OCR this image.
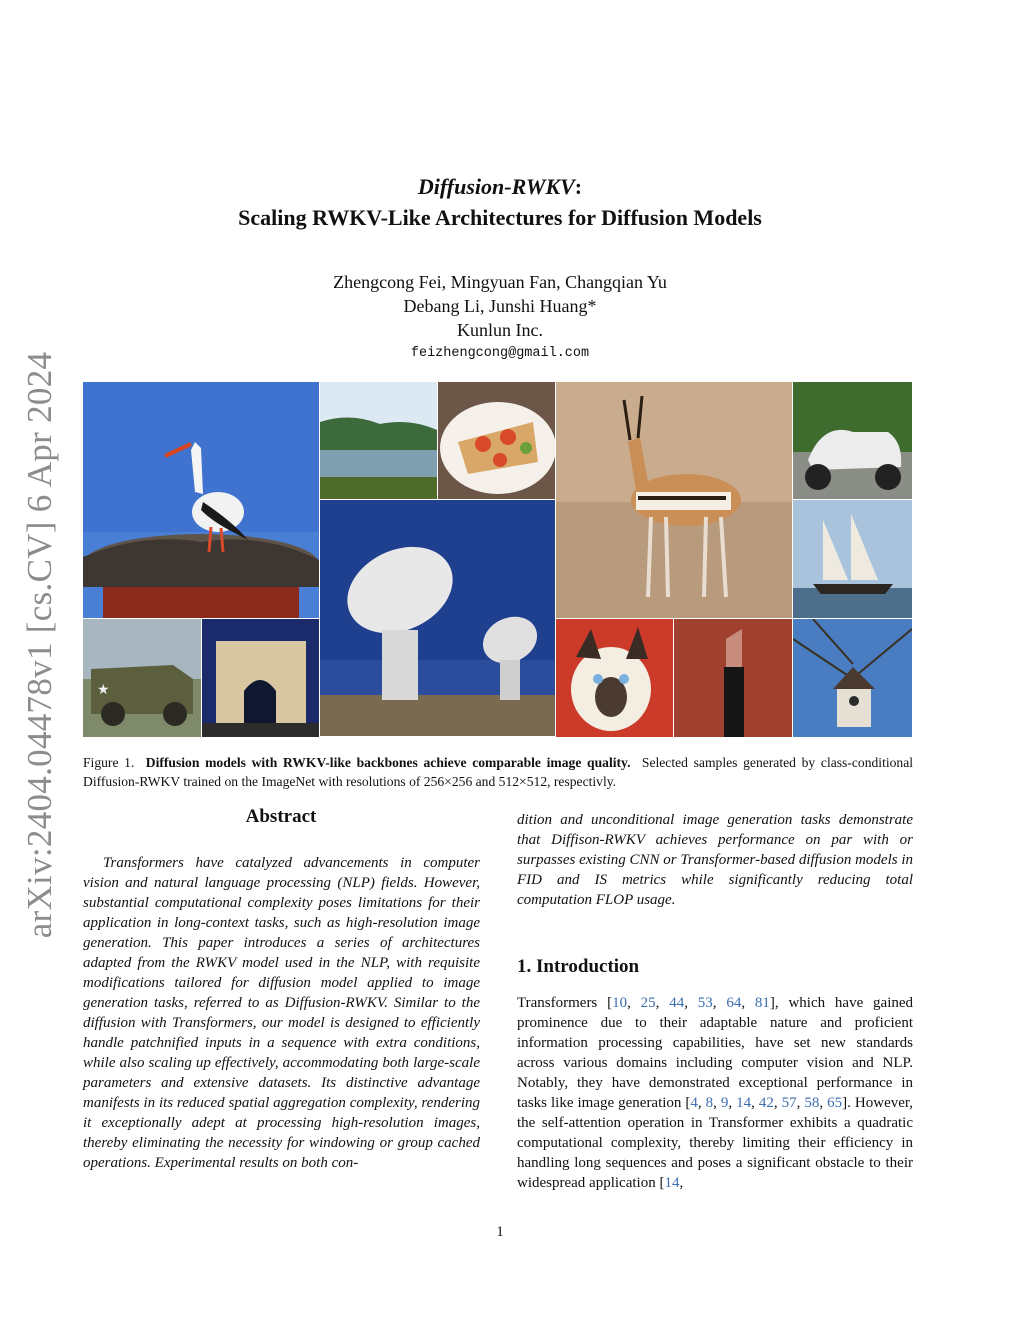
arXiv:2404.04478v1 [cs.CV] 6 Apr 2024
Diffusion-RWKV:
Scaling RWKV-Like Architectures for Diffusion Models
Zhengcong Fei, Mingyuan Fan, Changqian Yu
Debang Li, Junshi Huang*
Kunlun Inc.
feizhengcong@gmail.com
★
Figure 1. Diffusion models with RWKV-like backbones achieve comparable image quality. Selected samples generated by class-conditional Diffusion-RWKV trained on the ImageNet with resolutions of 256×256 and 512×512, respectivly.
Abstract
Transformers have catalyzed advancements in computer vision and natural language processing (NLP) fields. However, substantial computational complexity poses limitations for their application in long-context tasks, such as high-resolution image generation. This paper introduces a series of architectures adapted from the RWKV model used in the NLP, with requisite modifications tailored for diffusion model applied to image generation tasks, referred to as Diffusion-RWKV. Similar to the diffusion with Transformers, our model is designed to efficiently handle patchnified inputs in a sequence with extra conditions, while also scaling up effectively, accommodating both large-scale parameters and extensive datasets. Its distinctive advantage manifests in its reduced spatial aggregation complexity, rendering it exceptionally adept at processing high-resolution images, thereby eliminating the necessity for windowing or group cached operations. Experimental results on both con-
dition and unconditional image generation tasks demonstrate that Diffison-RWKV achieves performance on par with or surpasses existing CNN or Transformer-based diffusion models in FID and IS metrics while significantly reducing total computation FLOP usage.
1. Introduction
Transformers [10, 25, 44, 53, 64, 81], which have gained prominence due to their adaptable nature and proficient information processing capabilities, have set new standards across various domains including computer vision and NLP. Notably, they have demonstrated exceptional performance in tasks like image generation [4, 8, 9, 14, 42, 57, 58, 65]. However, the self-attention operation in Transformer exhibits a quadratic computational complexity, thereby limiting their efficiency in handling long sequences and poses a significant obstacle to their widespread application [14,
1
